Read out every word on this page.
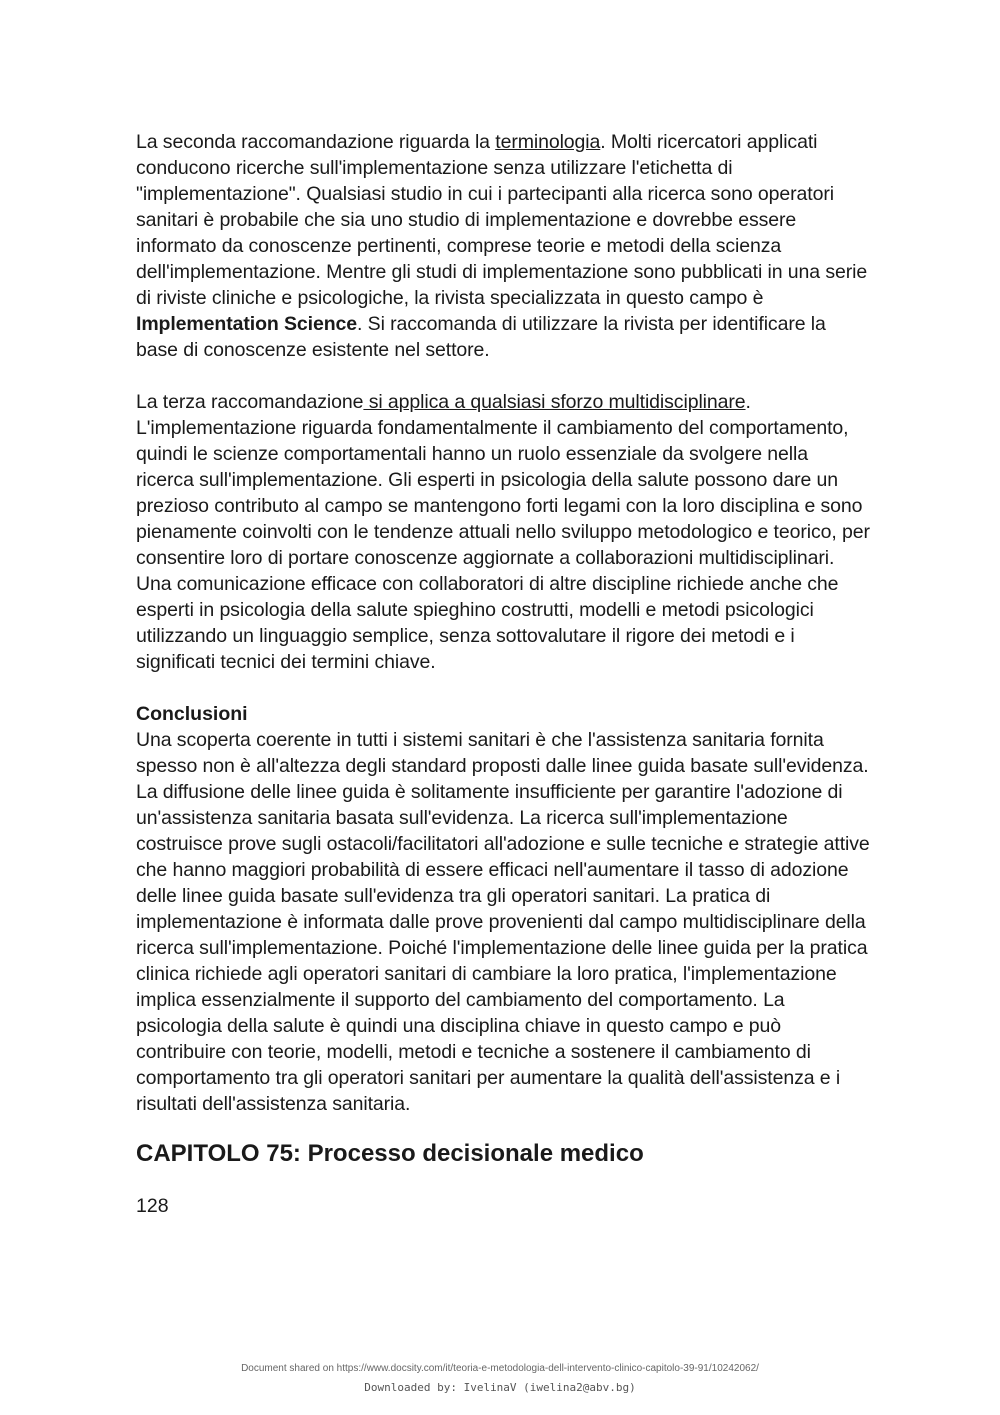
La seconda raccomandazione riguarda la terminologia. Molti ricercatori applicati conducono ricerche sull'implementazione senza utilizzare l'etichetta di "implementazione". Qualsiasi studio in cui i partecipanti alla ricerca sono operatori sanitari è probabile che sia uno studio di implementazione e dovrebbe essere informato da conoscenze pertinenti, comprese teorie e metodi della scienza dell'implementazione. Mentre gli studi di implementazione sono pubblicati in una serie di riviste cliniche e psicologiche, la rivista specializzata in questo campo è Implementation Science. Si raccomanda di utilizzare la rivista per identificare la base di conoscenze esistente nel settore.

La terza raccomandazione si applica a qualsiasi sforzo multidisciplinare. L'implementazione riguarda fondamentalmente il cambiamento del comportamento, quindi le scienze comportamentali hanno un ruolo essenziale da svolgere nella ricerca sull'implementazione. Gli esperti in psicologia della salute possono dare un prezioso contributo al campo se mantengono forti legami con la loro disciplina e sono pienamente coinvolti con le tendenze attuali nello sviluppo metodologico e teorico, per consentire loro di portare conoscenze aggiornate a collaborazioni multidisciplinari. Una comunicazione efficace con collaboratori di altre discipline richiede anche che esperti in psicologia della salute spieghino costrutti, modelli e metodi psicologici utilizzando un linguaggio semplice, senza sottovalutare il rigore dei metodi e i significati tecnici dei termini chiave.

Conclusioni

Una scoperta coerente in tutti i sistemi sanitari è che l'assistenza sanitaria fornita spesso non è all'altezza degli standard proposti dalle linee guida basate sull'evidenza. La diffusione delle linee guida è solitamente insufficiente per garantire l'adozione di un'assistenza sanitaria basata sull'evidenza. La ricerca sull'implementazione costruisce prove sugli ostacoli/facilitatori all'adozione e sulle tecniche e strategie attive che hanno maggiori probabilità di essere efficaci nell'aumentare il tasso di adozione delle linee guida basate sull'evidenza tra gli operatori sanitari. La pratica di implementazione è informata dalle prove provenienti dal campo multidisciplinare della ricerca sull'implementazione. Poiché l'implementazione delle linee guida per la pratica clinica richiede agli operatori sanitari di cambiare la loro pratica, l'implementazione implica essenzialmente il supporto del cambiamento del comportamento. La psicologia della salute è quindi una disciplina chiave in questo campo e può contribuire con teorie, modelli, metodi e tecniche a sostenere il cambiamento di comportamento tra gli operatori sanitari per aumentare la qualità dell'assistenza e i risultati dell'assistenza sanitaria.

CAPITOLO 75: Processo decisionale medico
128
Document shared on https://www.docsity.com/it/teoria-e-metodologia-dell-intervento-clinico-capitolo-39-91/10242062/
Downloaded by: IvelinaV (iwelina2@abv.bg)
